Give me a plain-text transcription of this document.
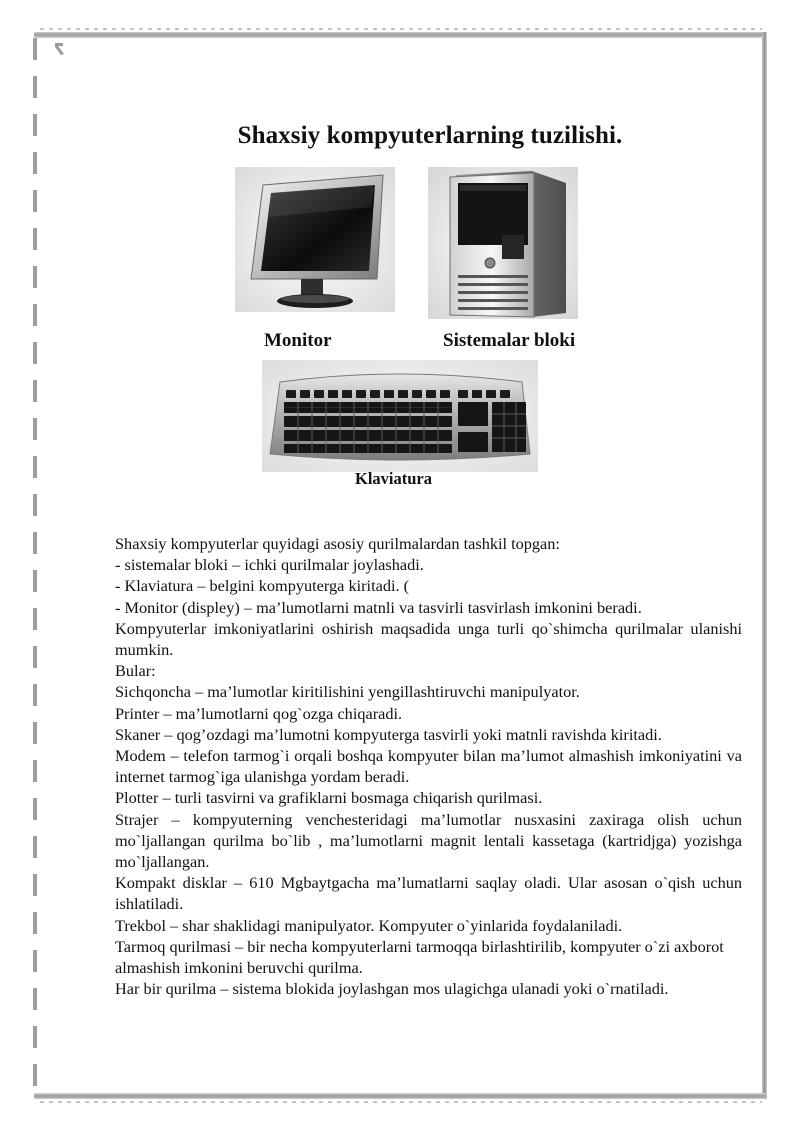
Shaxsiy kompyuterlarning tuzilishi.
Monitor	Sistemalar bloki
Klaviatura

Shaxsiy kompyuterlar quyidagi asosiy qurilmalardan tashkil topgan:

- sistemalar bloki – ichki qurilmalar joylashadi.

- Klaviatura – belgini kompyuterga kiritadi. (

- Monitor (displey) – ma’lumotlarni matnli va tasvirli tasvirlash imkonini beradi.

Kompyuterlar imkoniyatlarini oshirish maqsadida unga turli qo`shimcha qurilmalar ulanishi mumkin.

Bular:

Sichqoncha – ma’lumotlar kiritilishini yengillashtiruvchi manipulyator.

Printer – ma’lumotlarni qog`ozga chiqaradi.

Skaner – qog’ozdagi ma’lumotni kompyuterga tasvirli yoki matnli ravishda kiritadi.

Modem – telefon tarmog`i orqali boshqa kompyuter bilan ma’lumot almashish imkoniyatini va internet tarmog`iga ulanishga yordam beradi.

Plotter – turli tasvirni va grafiklarni bosmaga chiqarish qurilmasi.

Strajer – kompyuterning venchesteridagi ma’lumotlar nusxasini zaxiraga olish uchun mo`ljallangan qurilma bo`lib , ma’lumotlarni magnit lentali kassetaga (kartridjga) yozishga mo`ljallangan.

Kompakt disklar – 610 Mgbaytgacha ma’lumatlarni saqlay oladi. Ular asosan o`qish uchun ishlatiladi.

Trekbol – shar shaklidagi manipulyator. Kompyuter o`yinlarida foydalaniladi.

Tarmoq qurilmasi – bir necha kompyuterlarni tarmoqqa birlashtirilib, kompyuter o`zi axborot almashish imkonini beruvchi qurilma.

Har bir qurilma – sistema blokida joylashgan mos ulagichga ulanadi yoki o`rnatiladi.
